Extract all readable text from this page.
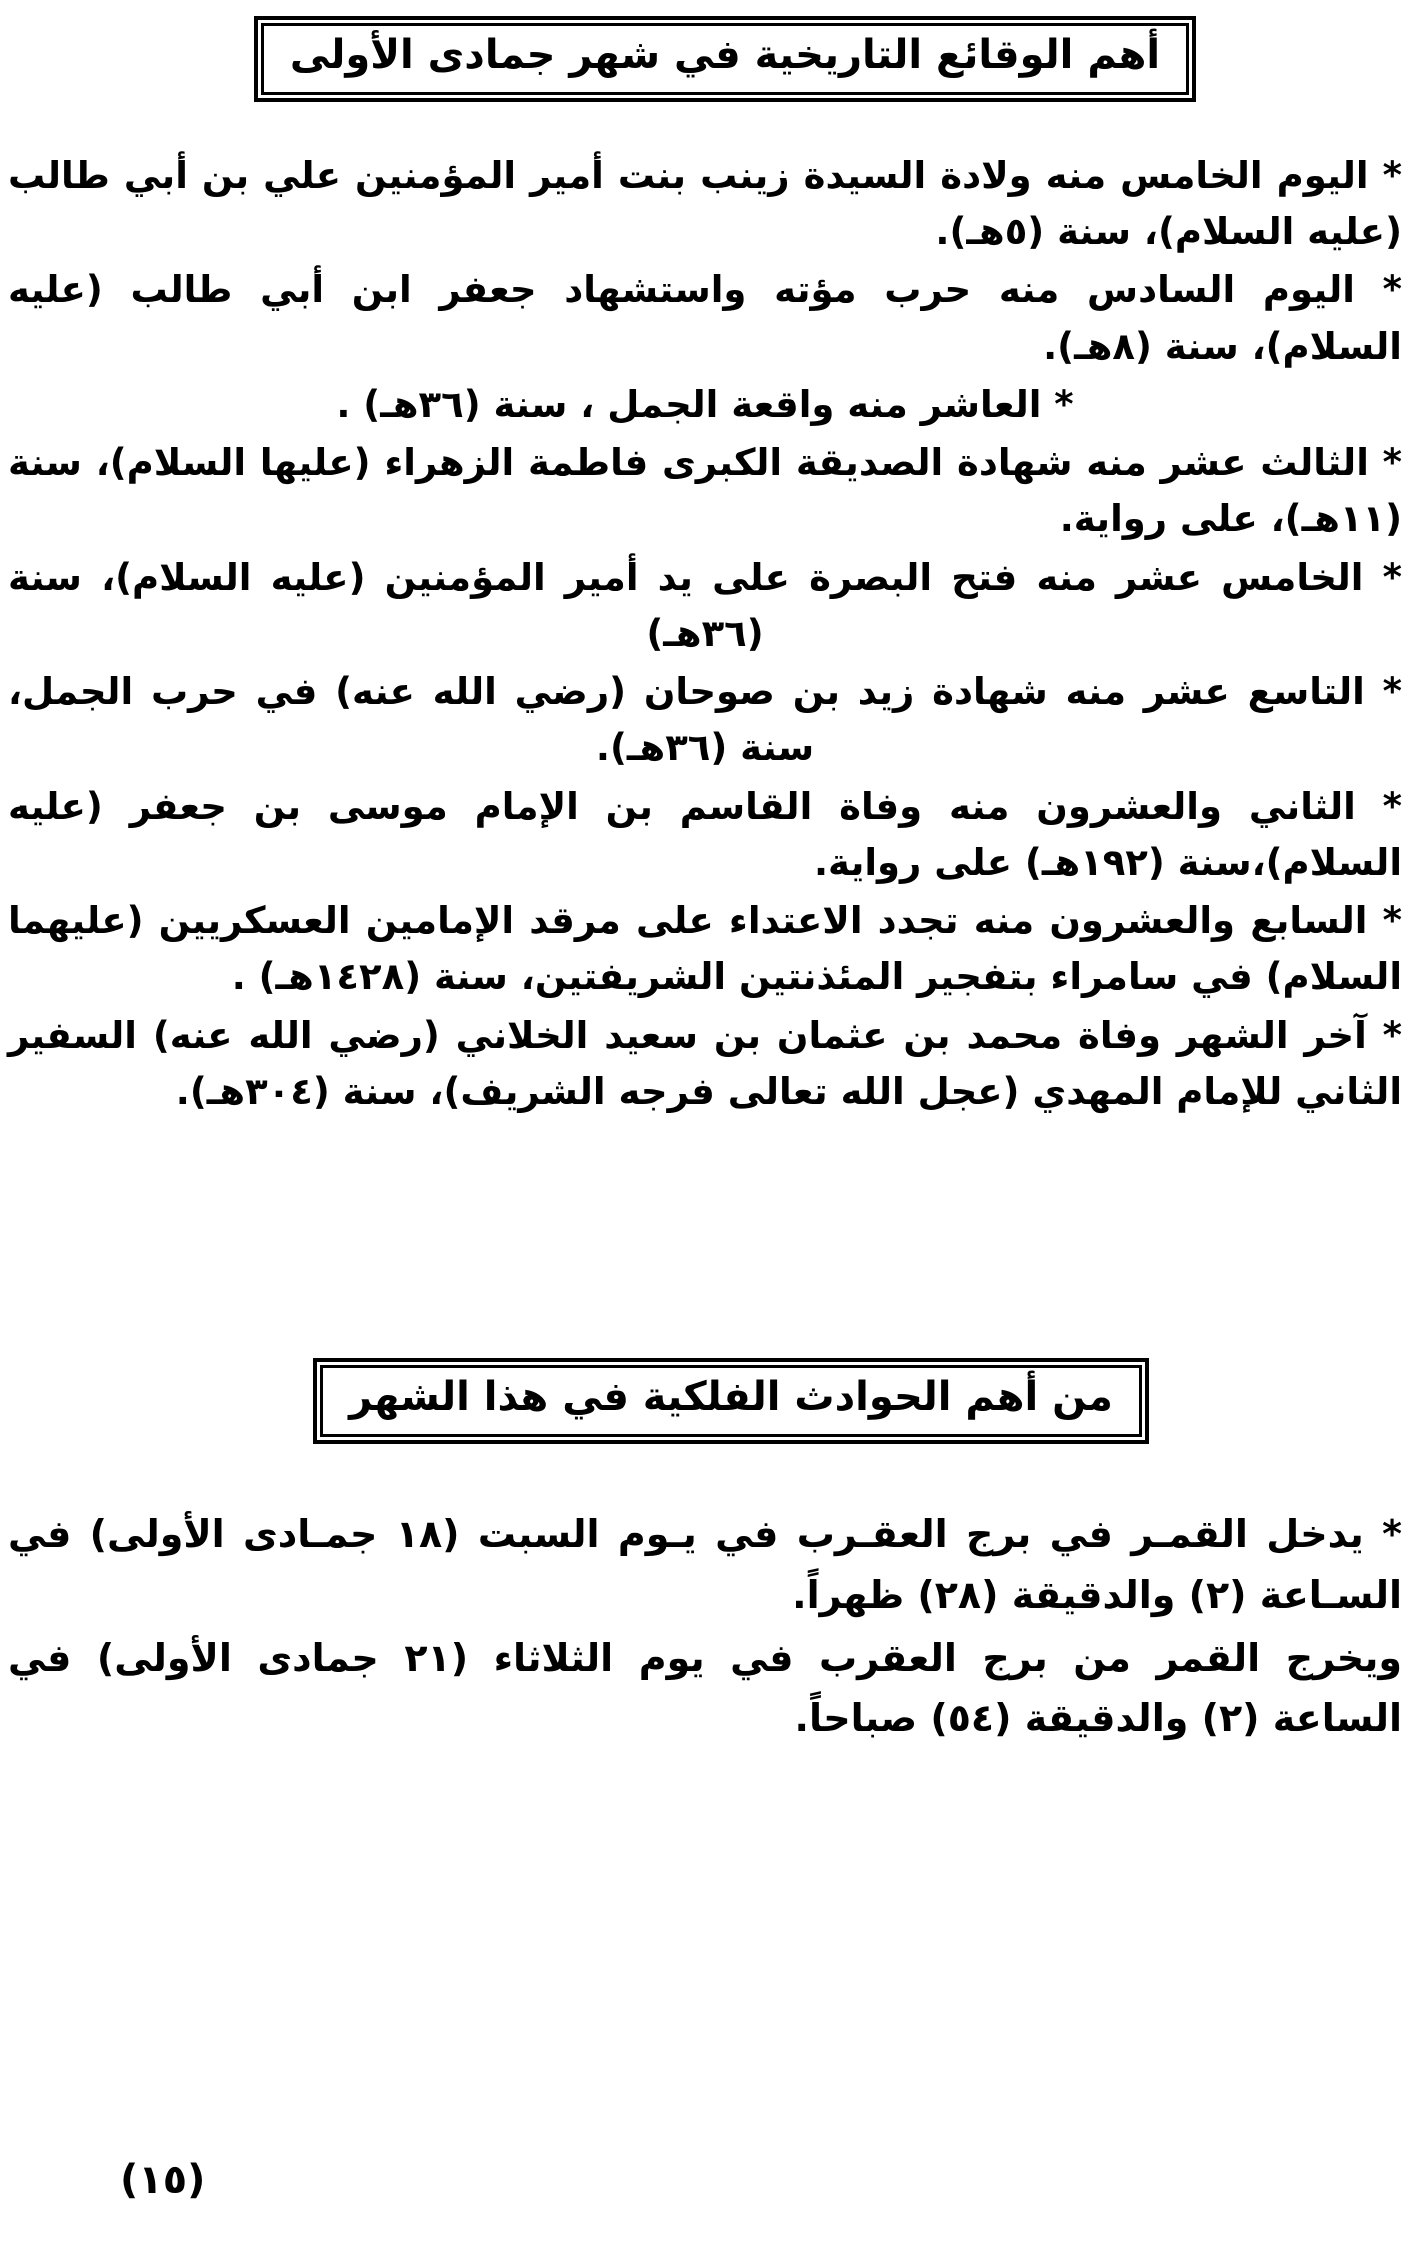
أهم الوقائع التاريخية في شهر جمادى الأولى

* اليوم الخامس منه ولادة السيدة زينب بنت أمير المؤمنين علي بن أبي طالب (عليه السلام)، سنة (٥هـ).

* اليوم السادس منه حرب مؤته واستشهاد جعفر ابن أبي طالب (عليه السلام)، سنة (٨هـ).

* العاشر منه واقعة الجمل ، سنة (٣٦هـ) .

* الثالث عشر منه شهادة الصديقة الكبرى فاطمة الزهراء (عليها السلام)، سنة (١١هـ)، على رواية.

* الخامس عشر منه فتح البصرة على يد أمير المؤمنين (عليه السلام)، سنة (٣٦هـ)

* التاسع عشر منه شهادة زيد بن صوحان (رضي الله عنه) في حرب الجمل، سنة (٣٦هـ).

* الثاني والعشرون منه وفاة القاسم بن الإمام موسى بن جعفر (عليه السلام)،سنة (١٩٢هـ) على رواية.

* السابع والعشرون منه تجدد الاعتداء على مرقد الإمامين العسكريين (عليهما السلام) في سامراء بتفجير المئذنتين الشريفتين، سنة (١٤٢٨هـ) .

* آخر الشهر وفاة محمد بن عثمان بن سعيد الخلاني (رضي الله عنه) السفير الثاني للإمام المهدي (عجل الله تعالى فرجه الشريف)، سنة (٣٠٤هـ).

من أهم الحوادث الفلكية في هذا الشهر

* يدخل القمـر في برج العقـرب في يـوم السبت (١٨ جمـادى الأولى) في السـاعة (٢) والدقيقة (٢٨) ظهراً.

ويخرج القمر من برج العقرب في يوم الثلاثاء (٢١ جمادى الأولى) في الساعة (٢) والدقيقة (٥٤) صباحاً.

(١٥)
